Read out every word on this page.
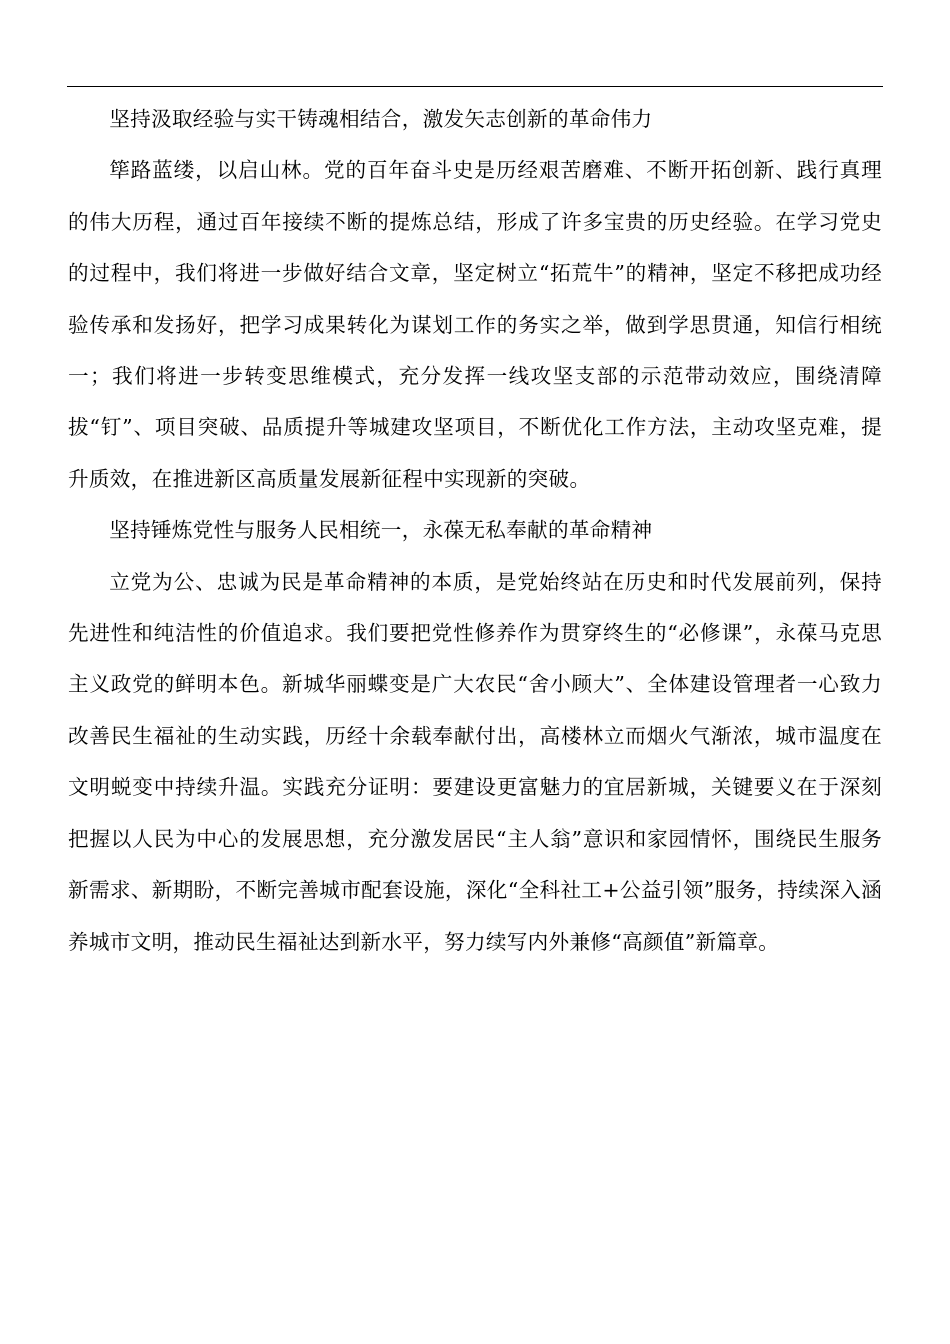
坚持汲取经验与实干铸魂相结合，激发矢志创新的革命伟力

筚路蓝缕，以启山林。党的百年奋斗史是历经艰苦磨难、不断开拓创新、践行真理的伟大历程，通过百年接续不断的提炼总结，形成了许多宝贵的历史经验。在学习党史的过程中，我们将进一步做好结合文章，坚定树立“拓荒牛”的精神，坚定不移把成功经验传承和发扬好，把学习成果转化为谋划工作的务实之举，做到学思贯通，知信行相统一；我们将进一步转变思维模式，充分发挥一线攻坚支部的示范带动效应，围绕清障拔“钉”、项目突破、品质提升等城建攻坚项目，不断优化工作方法，主动攻坚克难，提升质效，在推进新区高质量发展新征程中实现新的突破。

坚持锤炼党性与服务人民相统一，永葆无私奉献的革命精神

立党为公、忠诚为民是革命精神的本质，是党始终站在历史和时代发展前列，保持先进性和纯洁性的价值追求。我们要把党性修养作为贯穿终生的“必修课”，永葆马克思主义政党的鲜明本色。新城华丽蝶变是广大农民“舍小顾大”、全体建设管理者一心致力改善民生福祉的生动实践，历经十余载奉献付出，高楼林立而烟火气渐浓，城市温度在文明蜕变中持续升温。实践充分证明：要建设更富魅力的宜居新城，关键要义在于深刻把握以人民为中心的发展思想，充分激发居民“主人翁”意识和家园情怀，围绕民生服务新需求、新期盼，不断完善城市配套设施，深化“全科社工+公益引领”服务，持续深入涵养城市文明，推动民生福祉达到新水平，努力续写内外兼修“高颜值”新篇章。
